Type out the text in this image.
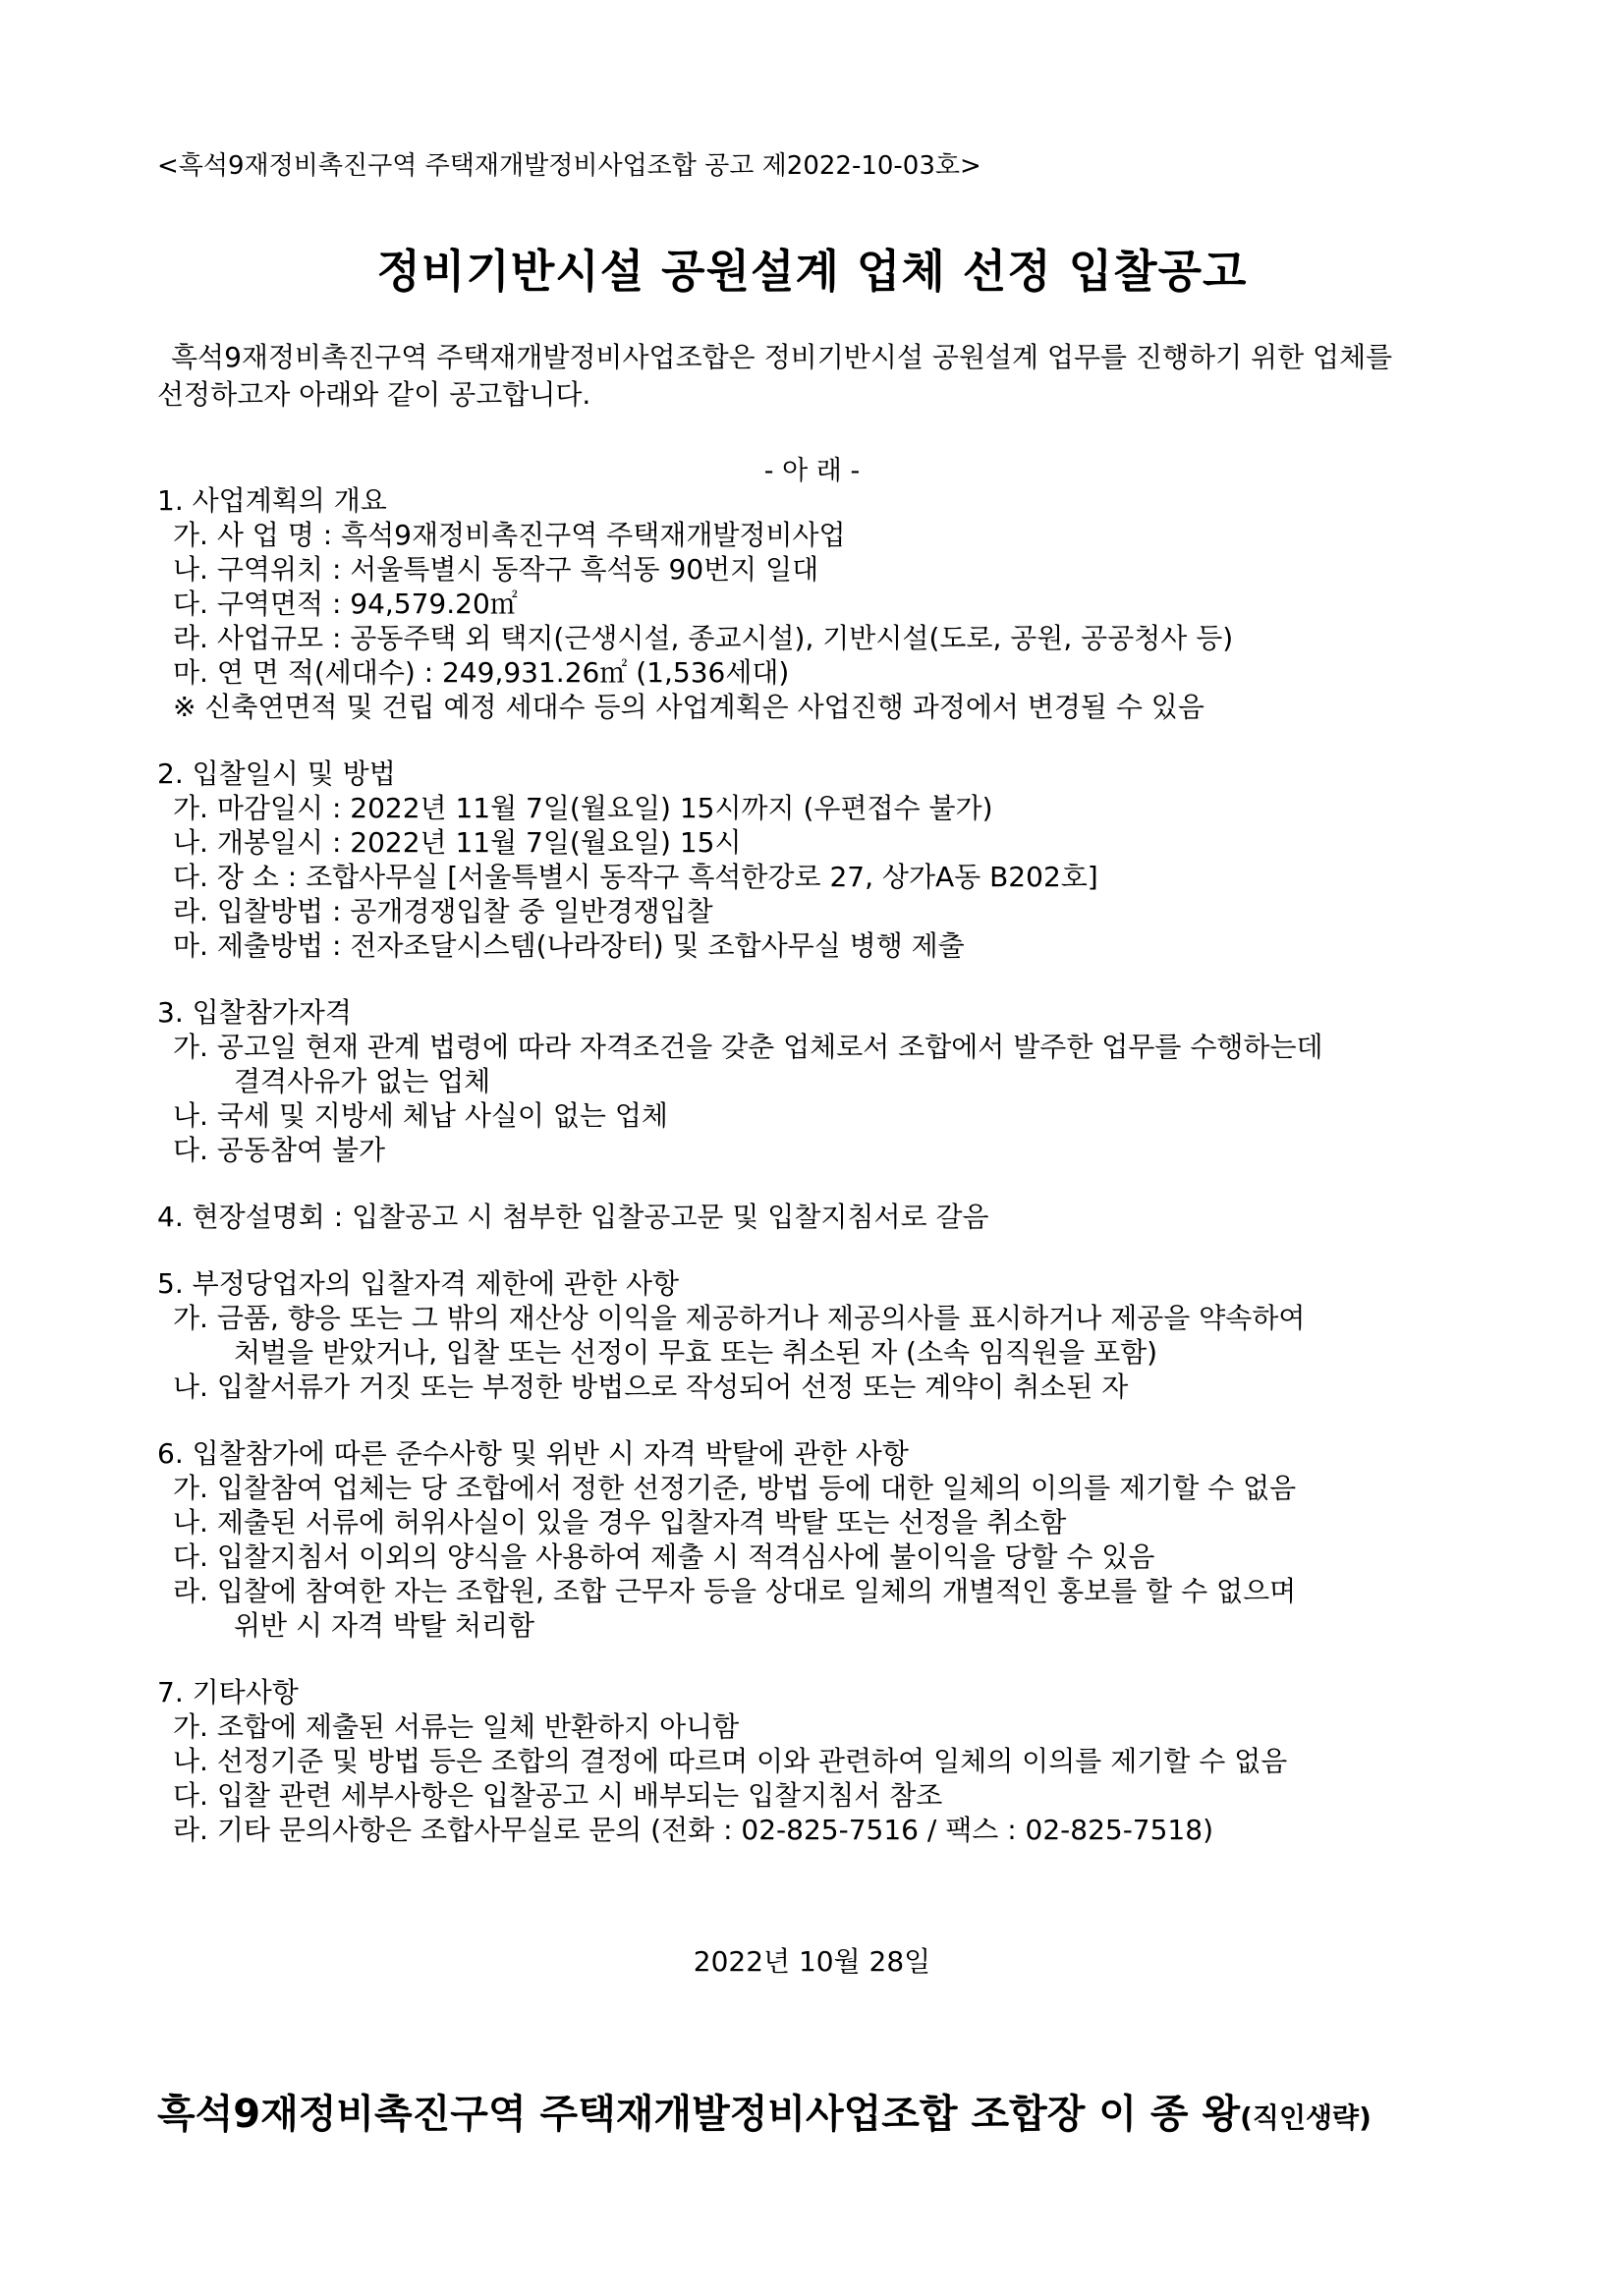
<흑석9재정비촉진구역 주택재개발정비사업조합 공고 제2022-10-03호>
정비기반시설 공원설계 업체 선정 입찰공고
흑석9재정비촉진구역 주택재개발정비사업조합은 정비기반시설 공원설계 업무를 진행하기 위한 업체를
선정하고자 아래와 같이 공고합니다.
- 아 래 -
1. 사업계획의 개요
가. 사 업 명 : 흑석9재정비촉진구역 주택재개발정비사업
나. 구역위치 : 서울특별시 동작구 흑석동 90번지 일대
다. 구역면적 : 94,579.20㎡
라. 사업규모 : 공동주택 외 택지(근생시설, 종교시설), 기반시설(도로, 공원, 공공청사 등)
마. 연 면 적(세대수) : 249,931.26㎡ (1,536세대)
※ 신축연면적 및 건립 예정 세대수 등의 사업계획은 사업진행 과정에서 변경될 수 있음
2. 입찰일시 및 방법
가. 마감일시 : 2022년 11월 7일(월요일) 15시까지 (우편접수 불가)
나. 개봉일시 : 2022년 11월 7일(월요일) 15시
다. 장 소 : 조합사무실 [서울특별시 동작구 흑석한강로 27, 상가A동 B202호]
라. 입찰방법 : 공개경쟁입찰 중 일반경쟁입찰
마. 제출방법 : 전자조달시스템(나라장터) 및 조합사무실 병행 제출
3. 입찰참가자격
가. 공고일 현재 관계 법령에 따라 자격조건을 갖춘 업체로서 조합에서 발주한 업무를 수행하는데
결격사유가 없는 업체
나. 국세 및 지방세 체납 사실이 없는 업체
다. 공동참여 불가
4. 현장설명회 : 입찰공고 시 첨부한 입찰공고문 및 입찰지침서로 갈음
5. 부정당업자의 입찰자격 제한에 관한 사항
가. 금품, 향응 또는 그 밖의 재산상 이익을 제공하거나 제공의사를 표시하거나 제공을 약속하여
처벌을 받았거나, 입찰 또는 선정이 무효 또는 취소된 자 (소속 임직원을 포함)
나. 입찰서류가 거짓 또는 부정한 방법으로 작성되어 선정 또는 계약이 취소된 자
6. 입찰참가에 따른 준수사항 및 위반 시 자격 박탈에 관한 사항
가. 입찰참여 업체는 당 조합에서 정한 선정기준, 방법 등에 대한 일체의 이의를 제기할 수 없음
나. 제출된 서류에 허위사실이 있을 경우 입찰자격 박탈 또는 선정을 취소함
다. 입찰지침서 이외의 양식을 사용하여 제출 시 적격심사에 불이익을 당할 수 있음
라. 입찰에 참여한 자는 조합원, 조합 근무자 등을 상대로 일체의 개별적인 홍보를 할 수 없으며
위반 시 자격 박탈 처리함
7. 기타사항
가. 조합에 제출된 서류는 일체 반환하지 아니함
나. 선정기준 및 방법 등은 조합의 결정에 따르며 이와 관련하여 일체의 이의를 제기할 수 없음
다. 입찰 관련 세부사항은 입찰공고 시 배부되는 입찰지침서 참조
라. 기타 문의사항은 조합사무실로 문의 (전화 : 02-825-7516 / 팩스 : 02-825-7518)
2022년 10월 28일
흑석9재정비촉진구역 주택재개발정비사업조합 조합장 이 종 왕(직인생략)
